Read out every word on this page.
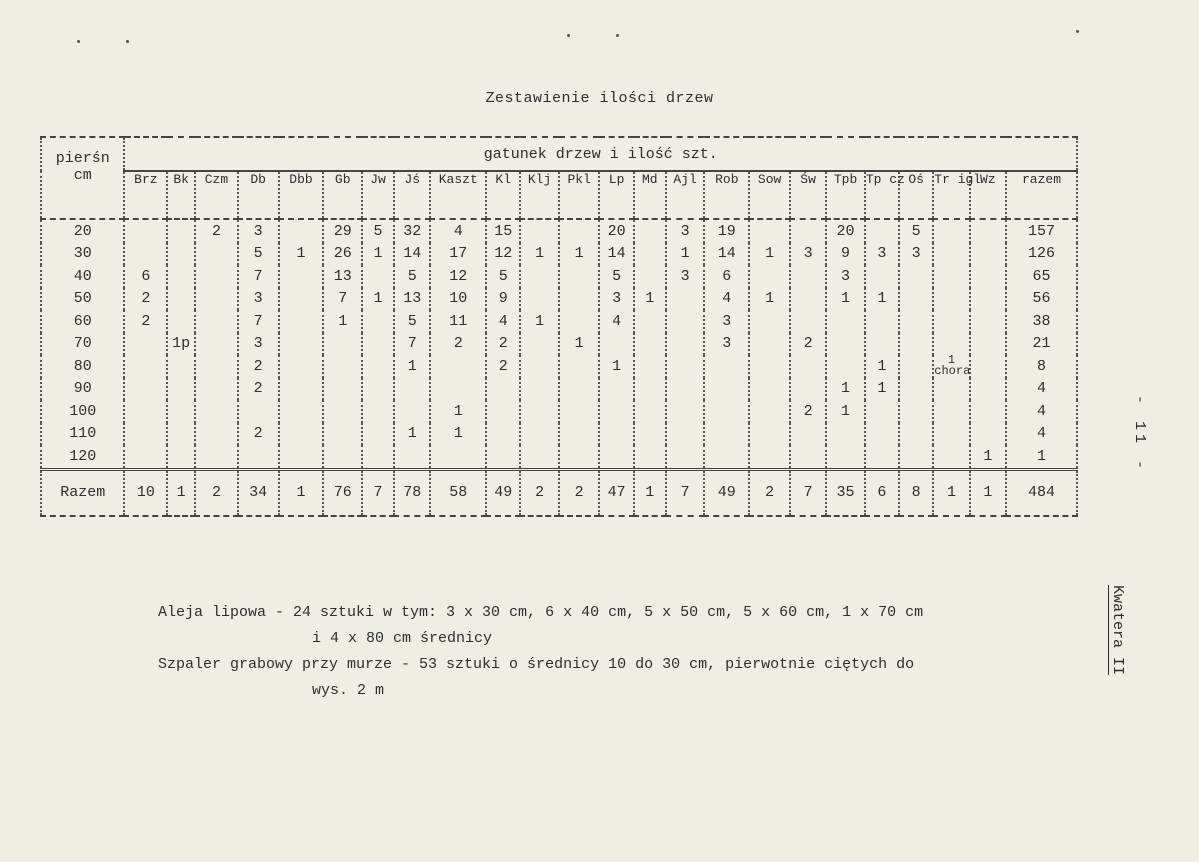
Zestawienie ilości drzew
pierśn
cm	gatunek drzew i ilość szt.																							
	Brz	Bk	Czm	Db	Dbb	Gb	Jw	Jś	Kaszt	Kl	Klj	Pkl	Lp	Md	Ajl	Rob	Sow	Św	Tpb	Tp cz	Oś	Tr igl	Wz	razem
20			2	3		29	5	32	4	15			20		3	19			20		5			157
30				5	1	26	1	14	17	12	1	1	14		1	14	1	3	9	3	3			126
40	6			7		13		5	12	5			5		3	6			3					65
50	2			3		7	1	13	10	9			3	1		4	1		1	1				56
60	2			7		1		5	11	4	1		4			3								38
70		1p		3				7	2	2		1				3		2						21
80				2				1		2			1							1		1 chora		8
90				2															1	1				4
100									1									2	1					4
110				2				1	1															4
120																							1	1
Razem	10	1	2	34	1	76	7	78	58	49	2	2	47	1	7	49	2	7	35	6	8	1	1	484
Aleja lipowa - 24 sztuki w tym: 3 x 30 cm, 6 x 40 cm, 5 x 50 cm, 5 x 60 cm, 1 x 70 cm
i 4 x 80 cm średnicy
Szpaler grabowy przy murze - 53 sztuki o średnicy 10 do 30 cm, pierwotnie ciętych do
wys. 2 m
- 11 -
Kwatera II
